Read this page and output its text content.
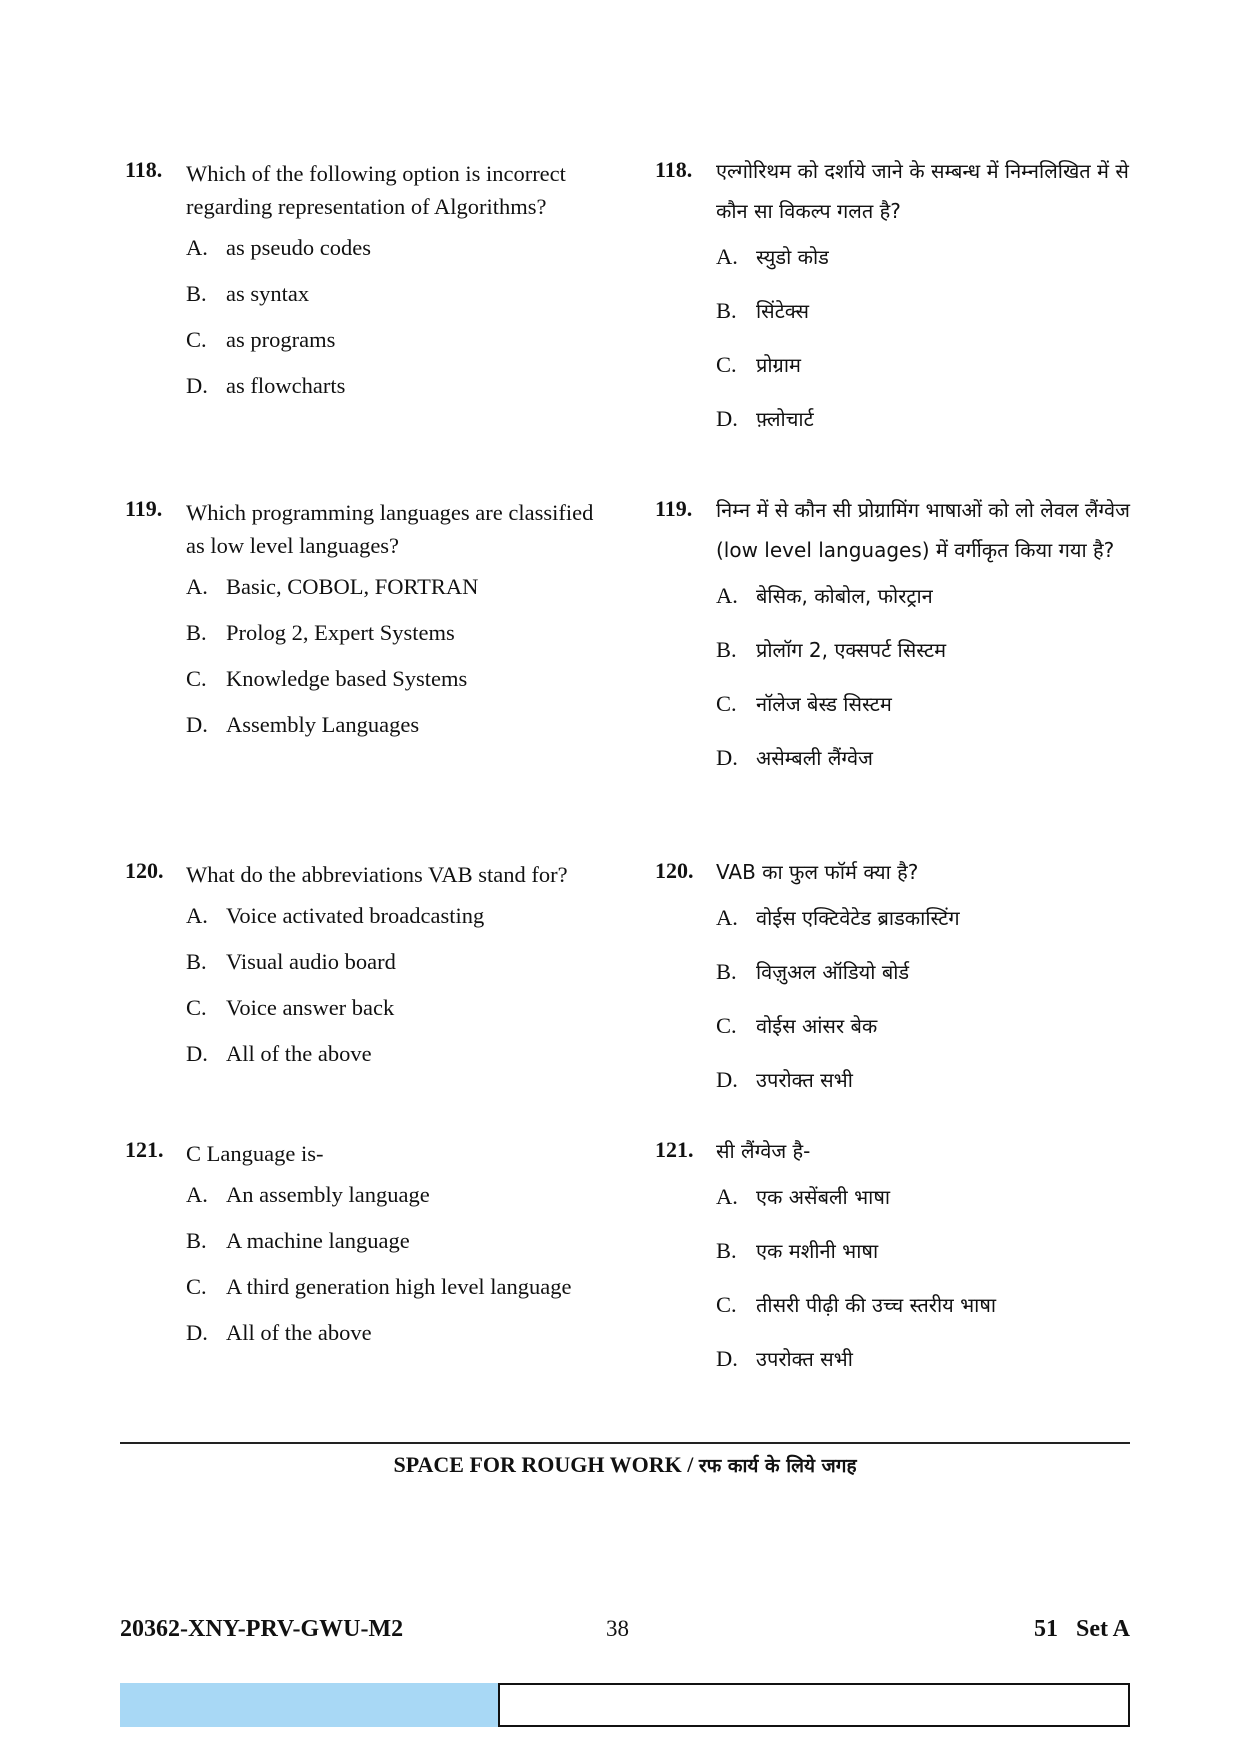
118. Which of the following option is incorrect regarding representation of Algorithms?
A. as pseudo codes
B. as syntax
C. as programs
D. as flowcharts
119. Which programming languages are classified as low level languages?
A. Basic, COBOL, FORTRAN
B. Prolog 2, Expert Systems
C. Knowledge based Systems
D. Assembly Languages
120. What do the abbreviations VAB stand for?
A. Voice activated broadcasting
B. Visual audio board
C. Voice answer back
D. All of the above
121. C Language is-
A. An assembly language
B. A machine language
C. A third generation high level language
D. All of the above
118. एल्गोरिथम को दर्शाये जाने के सम्बन्ध में निम्नलिखित में से कौन सा विकल्प गलत है?
A. स्युडो कोड
B. सिंटेक्स
C. प्रोग्राम
D. फ़्लोचार्ट
119. निम्न में से कौन सी प्रोग्रामिंग भाषाओं को लो लेवल लैंग्वेज (low level languages) में वर्गीकृत किया गया है?
A. बेसिक, कोबोल, फोरट्रान
B. प्रोलॉग 2, एक्सपर्ट सिस्टम
C. नॉलेज बेस्ड सिस्टम
D. असेम्बली लैंग्वेज
120. VAB का फुल फॉर्म क्या है?
A. वोईस एक्टिवेटेड ब्राडकास्टिंग
B. विज़ुअल ऑडियो बोर्ड
C. वोईस आंसर बेक
D. उपरोक्त सभी
121. सी लैंग्वेज है-
A. एक असेंबली भाषा
B. एक मशीनी भाषा
C. तीसरी पीढ़ी की उच्च स्तरीय भाषा
D. उपरोक्त सभी
SPACE FOR ROUGH WORK / रफ कार्य के लिये जगह
20362-XNY-PRV-GWU-M2	38	51   Set A
